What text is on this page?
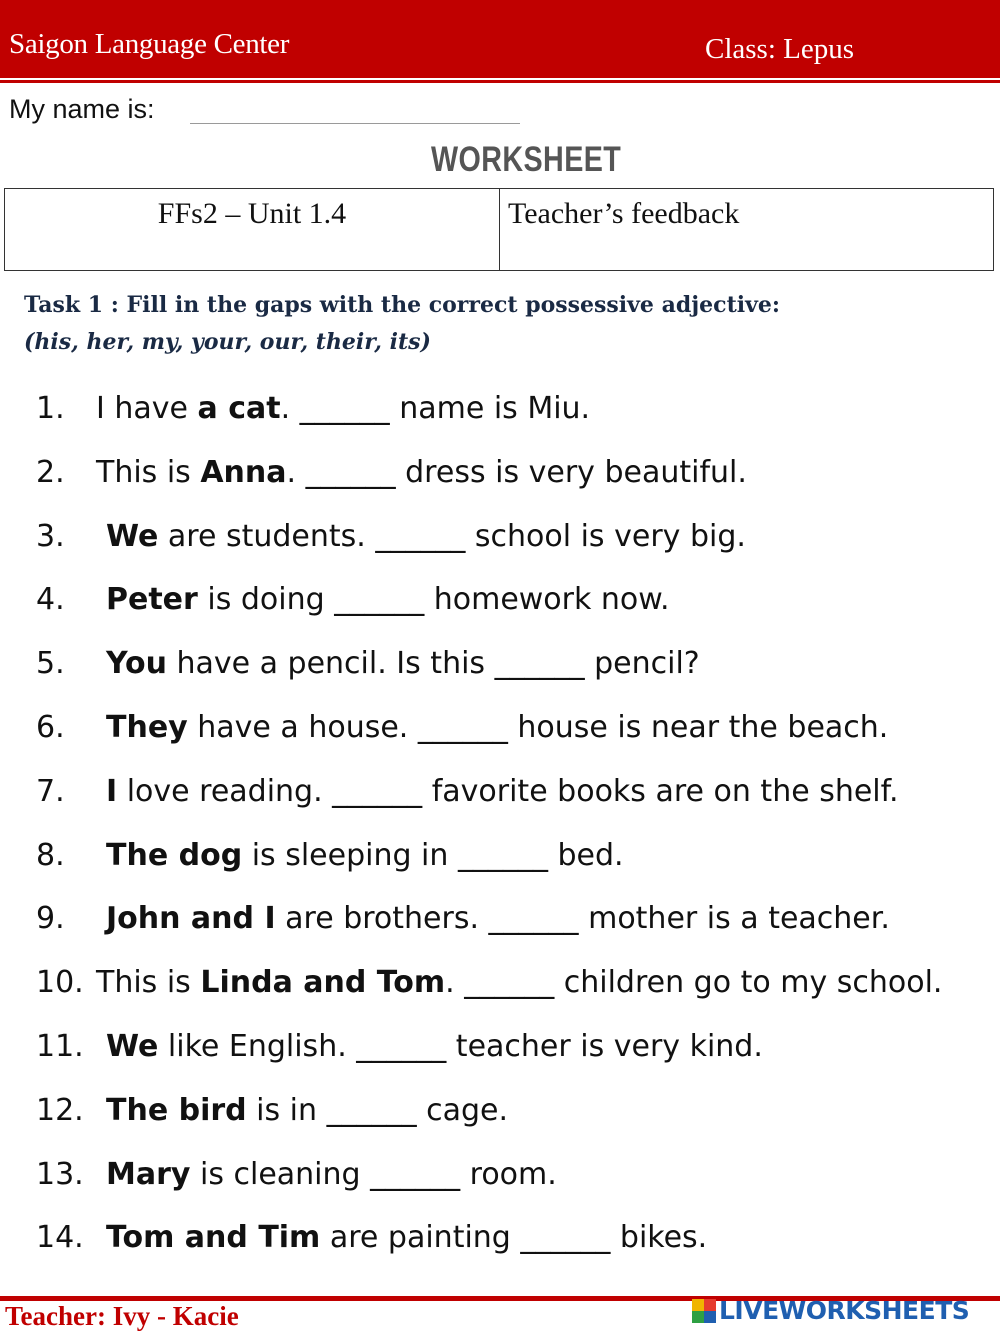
Saigon Language Center	Class: Lepus
My name is:
WORKSHEET
FFs2 – Unit 1.4	Teacher’s feedback
Task 1 : Fill in the gaps with the correct possessive adjective:
(his, her, my, your, our, their, its)
1. I have a cat. ______ name is Miu.
2. This is Anna. ______ dress is very beautiful.
3. We are students. ______ school is very big.
4. Peter is doing ______ homework now.
5. You have a pencil. Is this ______ pencil?
6. They have a house. ______ house is near the beach.
7. I love reading. ______ favorite books are on the shelf.
8. The dog is sleeping in ______ bed.
9. John and I are brothers. ______ mother is a teacher.
10. This is Linda and Tom. ______ children go to my school.
11. We like English. ______ teacher is very kind.
12. The bird is in ______ cage.
13. Mary is cleaning ______ room.
14. Tom and Tim are painting ______ bikes.
Teacher: Ivy - Kacie	LIVEWORKSHEETS
